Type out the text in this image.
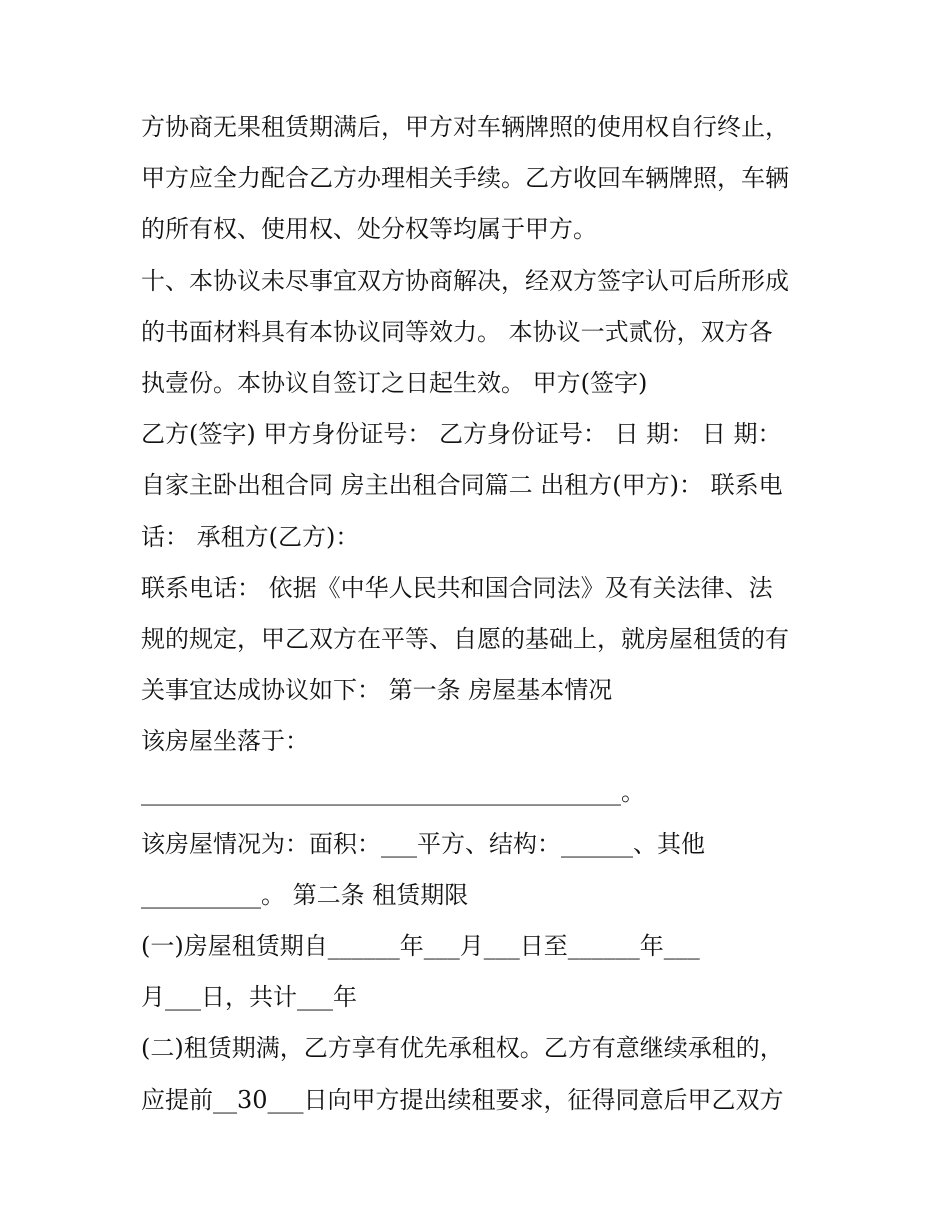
方协商无果租赁期满后，甲方对车辆牌照的使用权自行终止，
甲方应全力配合乙方办理相关手续。乙方收回车辆牌照，车辆
的所有权、使用权、处分权等均属于甲方。
十、本协议未尽事宜双方协商解决，经双方签字认可后所形成
的书面材料具有本协议同等效力。 本协议一式贰份，双方各
执壹份。本协议自签订之日起生效。 甲方(签字)
乙方(签字) 甲方身份证号： 乙方身份证号： 日 期： 日 期：
自家主卧出租合同 房主出租合同篇二 出租方(甲方)： 联系电
话： 承租方(乙方)：
联系电话： 依据《中华人民共和国合同法》及有关法律、法
规的规定，甲乙双方在平等、自愿的基础上，就房屋租赁的有
关事宜达成协议如下： 第一条 房屋基本情况
该房屋坐落于：
________________________________________。
该房屋情况为：面积：___平方、结构：______、其他
__________。 第二条 租赁期限
(一)房屋租赁期自______年___月___日至______年___
月___日，共计___年
(二)租赁期满，乙方享有优先承租权。乙方有意继续承租的，
应提前__30___日向甲方提出续租要求，征得同意后甲乙双方
